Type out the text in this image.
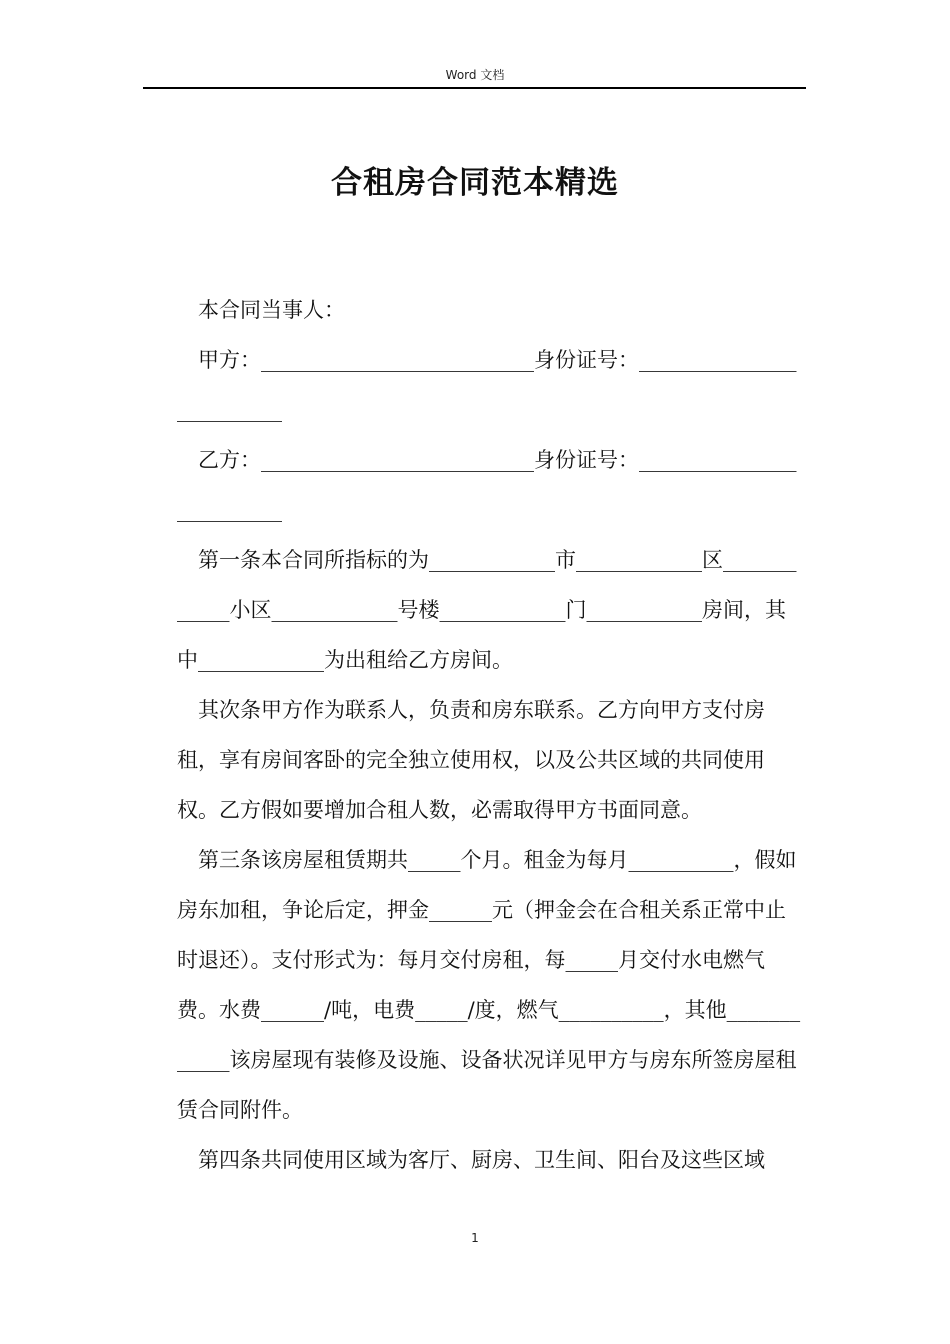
Word 文档
合租房合同范本精选

本合同当事人：

甲方：__________________________身份证号：_________________________

乙方：__________________________身份证号：_________________________

第一条本合同所指标的为____________市____________区____________小区____________号楼____________门___________房间，其中____________为出租给乙方房间。

其次条甲方作为联系人，负责和房东联系。乙方向甲方支付房租，享有房间客卧的完全独立使用权，以及公共区域的共同使用权。乙方假如要增加合租人数，必需取得甲方书面同意。

第三条该房屋租赁期共_____个月。租金为每月__________，假如房东加租，争论后定，押金______元（押金会在合租关系正常中止时退还）。支付形式为：每月交付房租，每_____月交付水电燃气费。水费______/吨，电费_____/度，燃气__________，其他____________该房屋现有装修及设施、设备状况详见甲方与房东所签房屋租赁合同附件。

第四条共同使用区域为客厅、厨房、卫生间、阳台及这些区域

1
